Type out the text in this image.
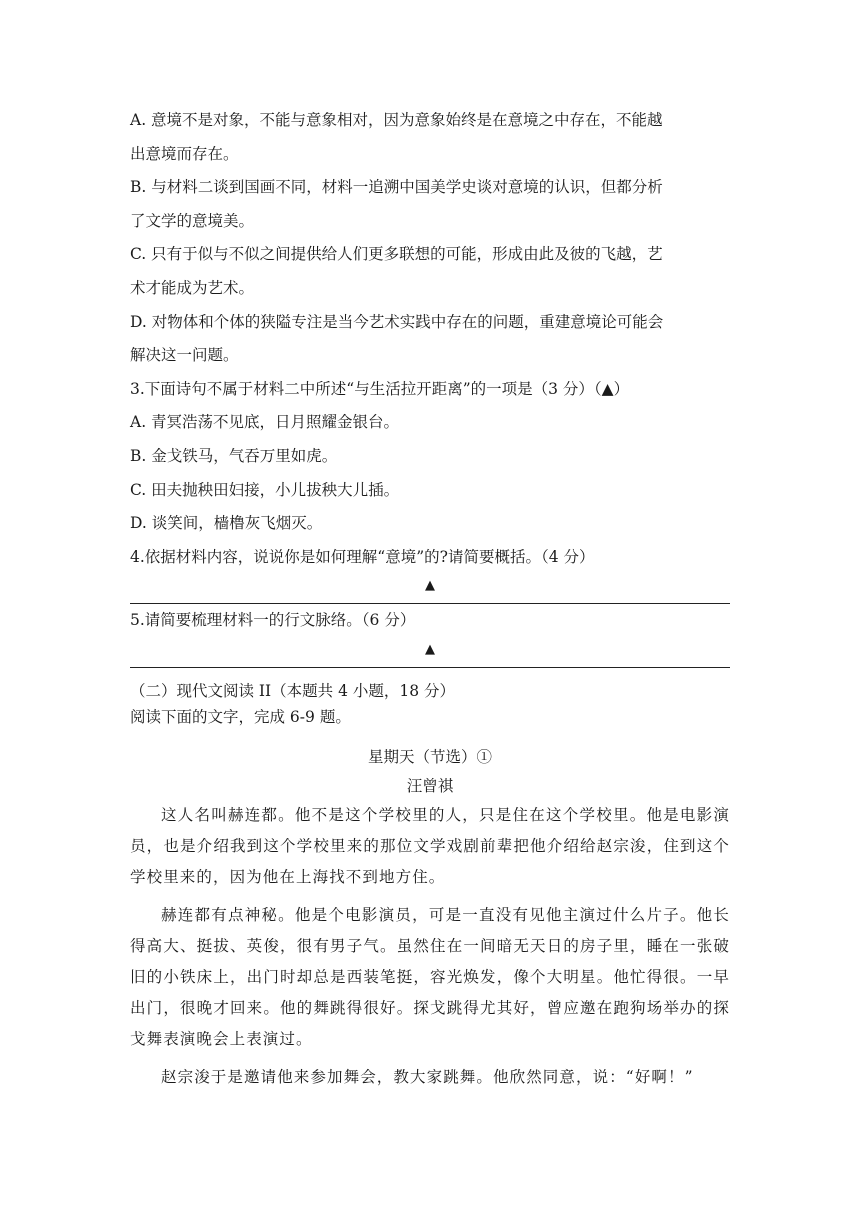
A. 意境不是对象，不能与意象相对，因为意象始终是在意境之中存在，不能越
出意境而存在。
B. 与材料二谈到国画不同，材料一追溯中国美学史谈对意境的认识，但都分析
了文学的意境美。
C. 只有于似与不似之间提供给人们更多联想的可能，形成由此及彼的飞越，艺
术才能成为艺术。
D. 对物体和个体的狭隘专注是当今艺术实践中存在的问题，重建意境论可能会
解决这一问题。
3.下面诗句不属于材料二中所述“与生活拉开距离”的一项是（3 分）（▲）
A. 青冥浩荡不见底，日月照耀金银台。
B. 金戈铁马，气吞万里如虎。
C. 田夫抛秧田妇接，小儿拔秧大儿插。
D. 谈笑间，樯橹灰飞烟灭。
4.依据材料内容，说说你是如何理解“意境”的?请简要概括。（4 分）
▲
5.请简要梳理材料一的行文脉络。（6 分）
▲
（二）现代文阅读 II（本题共 4 小题，18 分）
阅读下面的文字，完成 6-9 题。
星期天（节选）①
汪曾祺

这人名叫赫连都。他不是这个学校里的人，只是住在这个学校里。他是电影演员，也是介绍我到这个学校里来的那位文学戏剧前辈把他介绍给赵宗浚，住到这个学校里来的，因为他在上海找不到地方住。

赫连都有点神秘。他是个电影演员，可是一直没有见他主演过什么片子。他长得高大、挺拔、英俊，很有男子气。虽然住在一间暗无天日的房子里，睡在一张破旧的小铁床上，出门时却总是西装笔挺，容光焕发，像个大明星。他忙得很。一早出门，很晚才回来。他的舞跳得很好。探戈跳得尤其好，曾应邀在跑狗场举办的探戈舞表演晚会上表演过。

赵宗浚于是邀请他来参加舞会，教大家跳舞。他欣然同意，说：“好啊！”
